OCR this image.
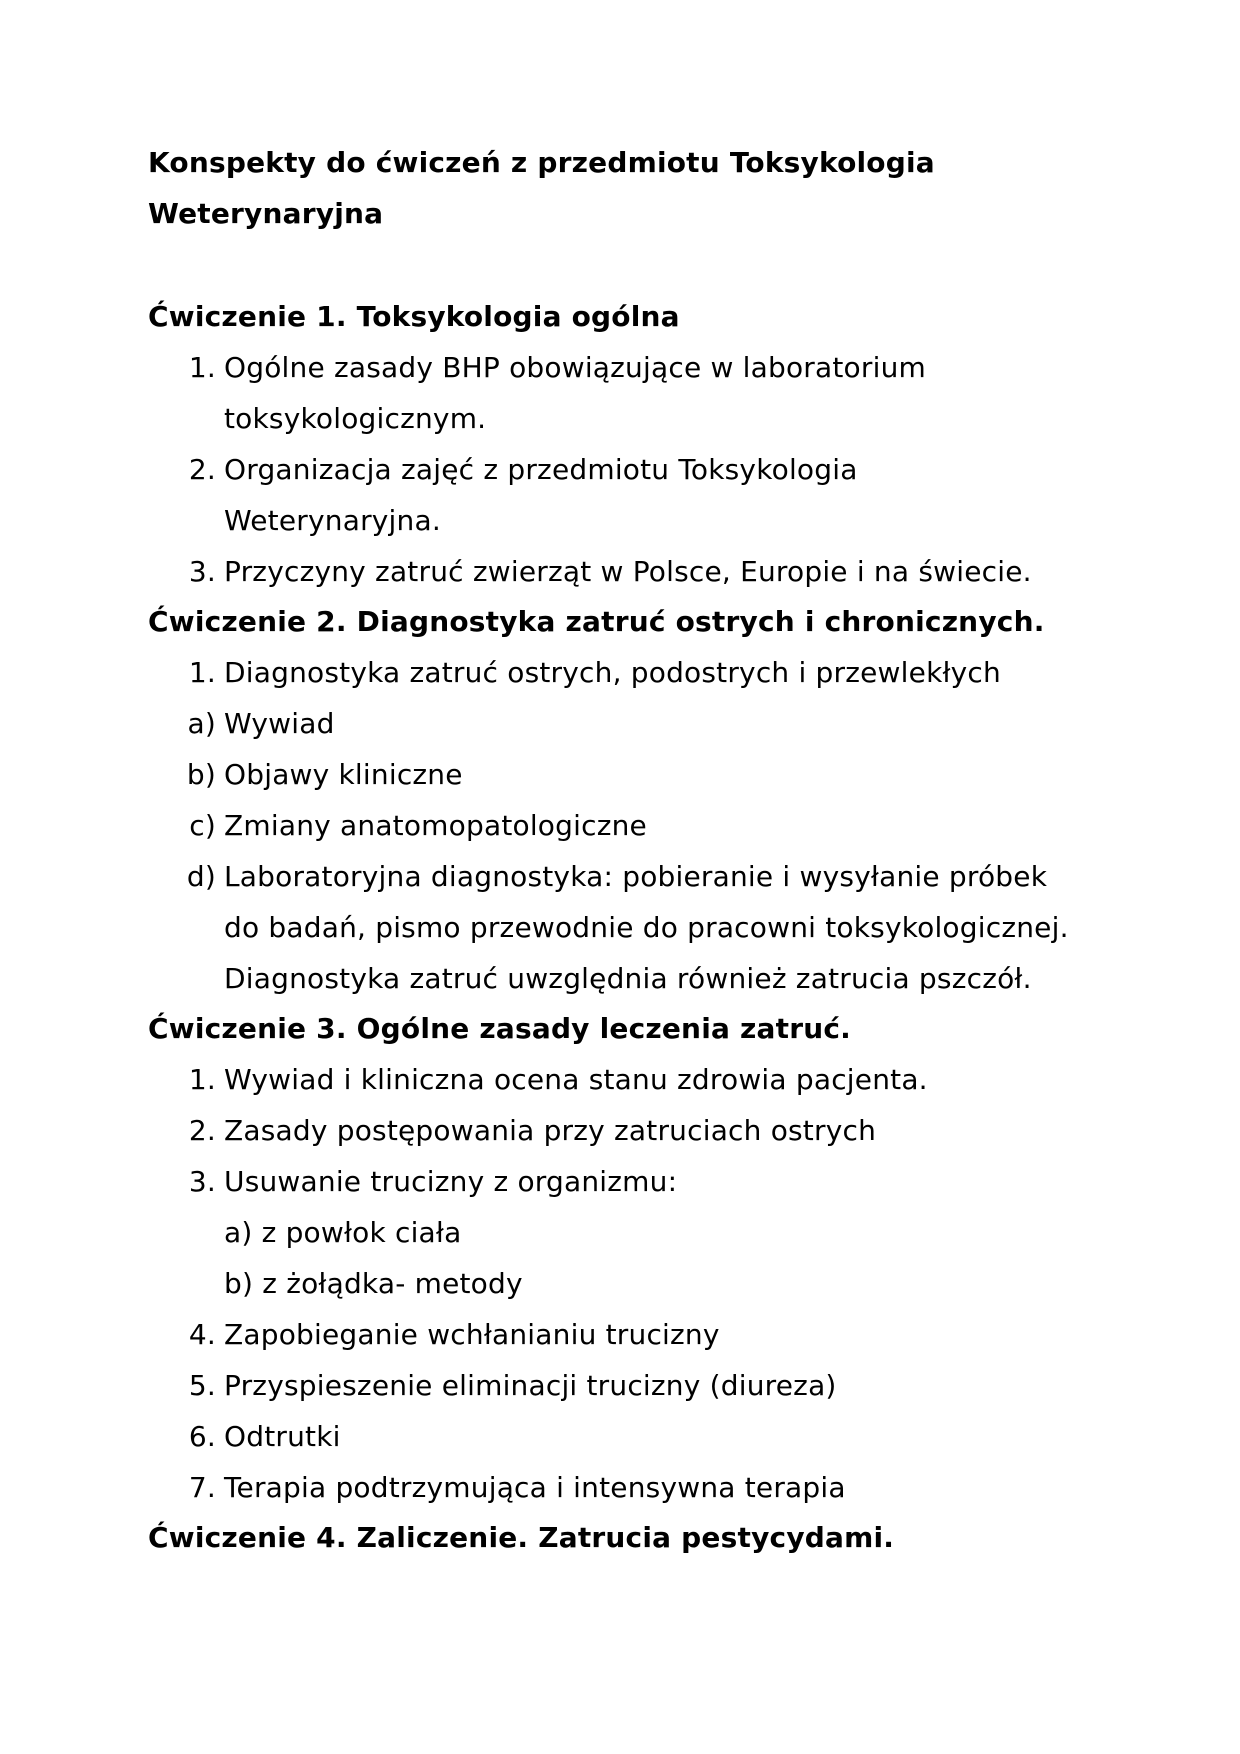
Konspekty do ćwiczeń z przedmiotu Toksykologia
Weterynaryjna
Ćwiczenie 1. Toksykologia ogólna
1. Ogólne zasady BHP obowiązujące w laboratorium
toksykologicznym.
2. Organizacja zajęć z przedmiotu Toksykologia
Weterynaryjna.
3. Przyczyny zatruć zwierząt w Polsce, Europie i na świecie.
Ćwiczenie 2. Diagnostyka zatruć ostrych i chronicznych.
1. Diagnostyka zatruć ostrych, podostrych i przewlekłych
a) Wywiad
b) Objawy kliniczne
c) Zmiany anatomopatologiczne
d) Laboratoryjna diagnostyka: pobieranie i wysyłanie próbek
do badań, pismo przewodnie do pracowni toksykologicznej.
Diagnostyka zatruć uwzględnia również zatrucia pszczół.
Ćwiczenie 3. Ogólne zasady leczenia zatruć.
1. Wywiad i kliniczna ocena stanu zdrowia pacjenta.
2. Zasady postępowania przy zatruciach ostrych
3. Usuwanie trucizny z organizmu:
a) z powłok ciała
b) z żołądka- metody
4. Zapobieganie wchłanianiu trucizny
5. Przyspieszenie eliminacji trucizny (diureza)
6. Odtrutki
7. Terapia podtrzymująca i intensywna terapia
Ćwiczenie 4. Zaliczenie. Zatrucia pestycydami.
